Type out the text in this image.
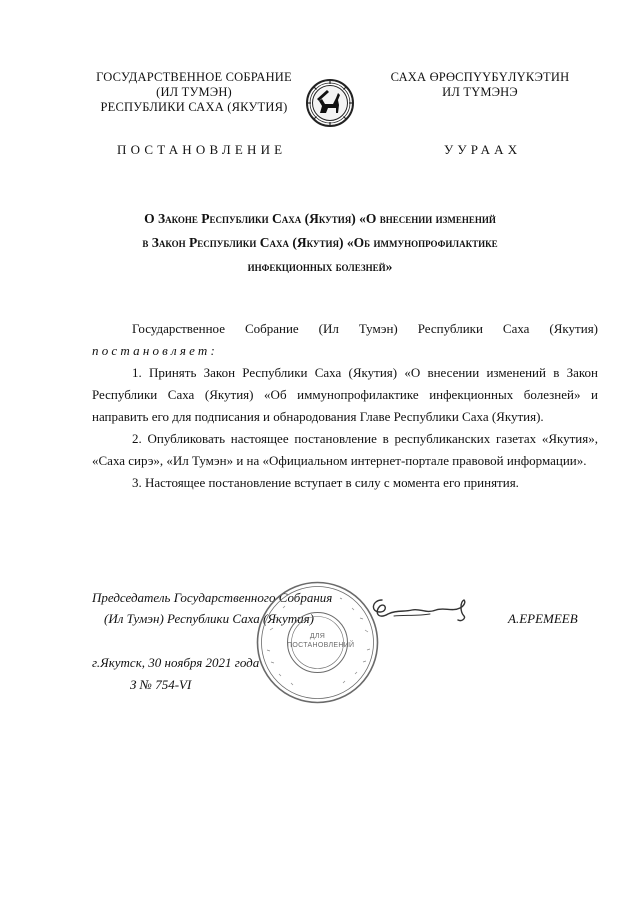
ГОСУДАРСТВЕННОЕ СОБРАНИЕ
(ИЛ ТУМЭН)
РЕСПУБЛИКИ САХА (ЯКУТИЯ)
САХА ӨРӨСПҮҮБҮЛҮКЭТИН
ИЛ ТҮМЭНЭ
ПОСТАНОВЛЕНИЕ	УУРААХ
О Законе Республики Саха (Якутия) «О внесении изменений
в Закон Республики Саха (Якутия) «Об иммунопрофилактике
инфекционных болезней»
Государственное Собрание (Ил Тумэн) Республики Саха (Якутия)
постановляет:
1. Принять Закон Республики Саха (Якутия) «О внесении изменений в Закон Республики Саха (Якутия) «Об иммунопрофилактике инфекционных болезней» и направить его для подписания и обнародования Главе Республики Саха (Якутия).
2. Опубликовать настоящее постановление в республиканских газетах «Якутия», «Саха сирэ», «Ил Тумэн» и на «Официальном интернет-портале правовой информации».
3. Настоящее постановление вступает в силу с момента его принятия.
Председатель Государственного Собрания
(Ил Тумэн) Республики Саха (Якутия)	А.ЕРЕМЕЕВ
ДЛЯ ПОСТАНОВЛЕНИЙ
г.Якутск, 30 ноября 2021 года
З № 754-VI
